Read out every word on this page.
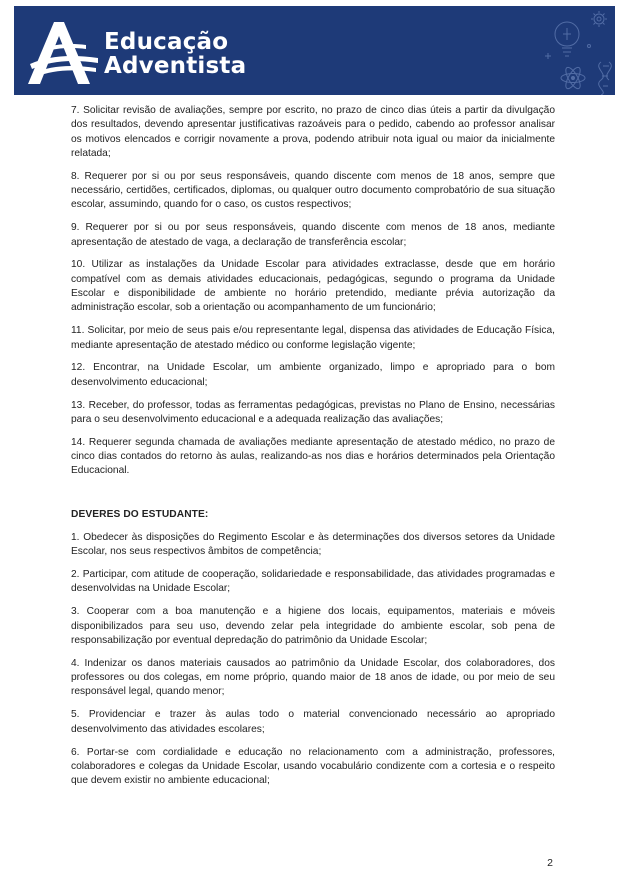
Educação
Adventista

7. Solicitar revisão de avaliações, sempre por escrito, no prazo de cinco dias úteis a partir da divulgação dos resultados, devendo apresentar justificativas razoáveis para o pedido, cabendo ao professor analisar os motivos elencados e corrigir novamente a prova, podendo atribuir nota igual ou maior da inicialmente relatada;

8. Requerer por si ou por seus responsáveis, quando discente com menos de 18 anos, sempre que necessário, certidões, certificados, diplomas, ou qualquer outro documento comprobatório de sua situação escolar, assumindo, quando for o caso, os custos respectivos;

9. Requerer por si ou por seus responsáveis, quando discente com menos de 18 anos, mediante apresentação de atestado de vaga, a declaração de transferência escolar;

10. Utilizar as instalações da Unidade Escolar para atividades extraclasse, desde que em horário compatível com as demais atividades educacionais, pedagógicas, segundo o programa da Unidade Escolar e disponibilidade de ambiente no horário pretendido, mediante prévia autorização da administração escolar, sob a orientação ou acompanhamento de um funcionário;

11. Solicitar, por meio de seus pais e/ou representante legal, dispensa das atividades de Educação Física, mediante apresentação de atestado médico ou conforme legislação vigente;

12. Encontrar, na Unidade Escolar, um ambiente organizado, limpo e apropriado para o bom desenvolvimento educacional;

13. Receber, do professor, todas as ferramentas pedagógicas, previstas no Plano de Ensino, necessárias para o seu desenvolvimento educacional e a adequada realização das avaliações;

14. Requerer segunda chamada de avaliações mediante apresentação de atestado médico, no prazo de cinco dias contados do retorno às aulas, realizando-as nos dias e horários determinados pela Orientação Educacional.

DEVERES DO ESTUDANTE:

1. Obedecer às disposições do Regimento Escolar e às determinações dos diversos setores da Unidade Escolar, nos seus respectivos âmbitos de competência;

2. Participar, com atitude de cooperação, solidariedade e responsabilidade, das atividades programadas e desenvolvidas na Unidade Escolar;

3. Cooperar com a boa manutenção e a higiene dos locais, equipamentos, materiais e móveis disponibilizados para seu uso, devendo zelar pela integridade do ambiente escolar, sob pena de responsabilização por eventual depredação do patrimônio da Unidade Escolar;

4. Indenizar os danos materiais causados ao patrimônio da Unidade Escolar, dos colaboradores, dos professores ou dos colegas, em nome próprio, quando maior de 18 anos de idade, ou por meio de seu responsável legal, quando menor;

5. Providenciar e trazer às aulas todo o material convencionado necessário ao apropriado desenvolvimento das atividades escolares;

6. Portar-se com cordialidade e educação no relacionamento com a administração, professores, colaboradores e colegas da Unidade Escolar, usando vocabulário condizente com a cortesia e o respeito que devem existir no ambiente educacional;

2
